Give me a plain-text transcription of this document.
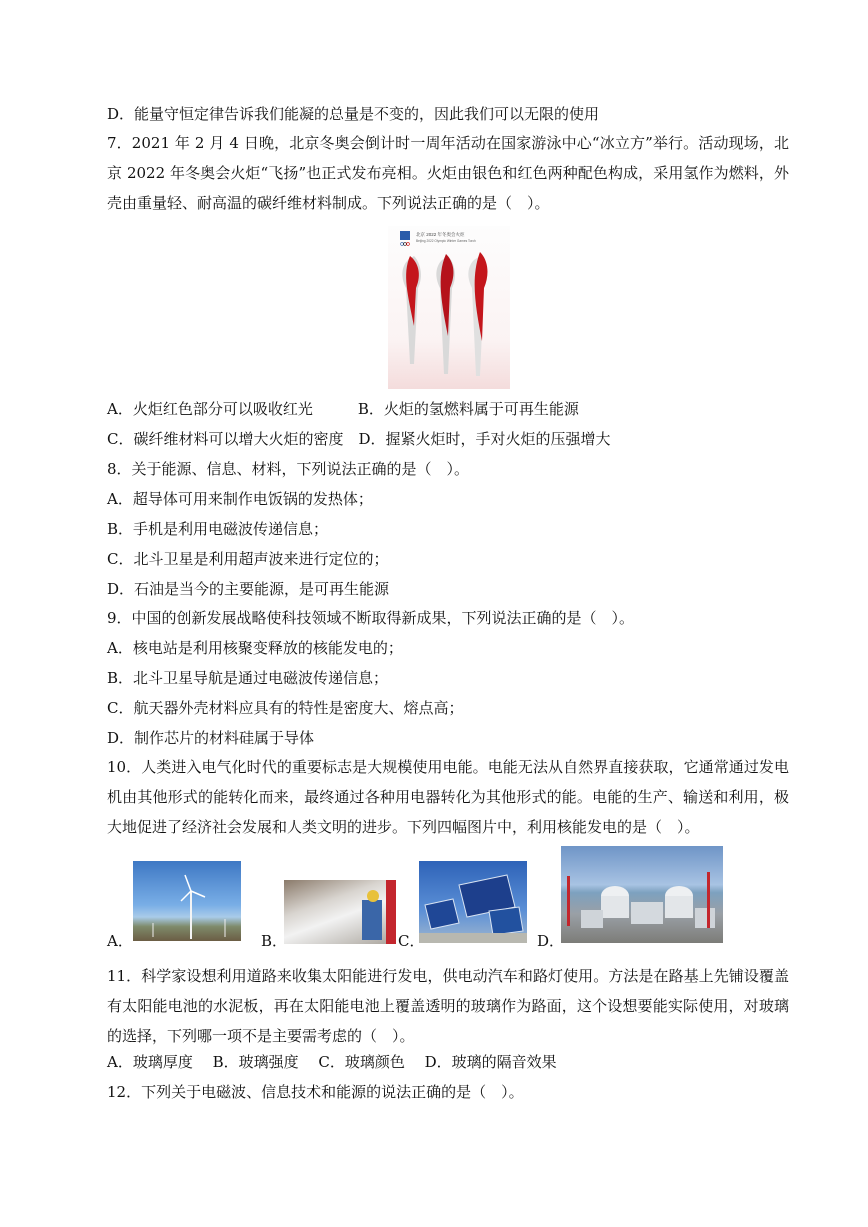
D．能量守恒定律告诉我们能凝的总量是不变的，因此我们可以无限的使用
7．2021 年 2 月 4 日晚，北京冬奥会倒计时一周年活动在国家游泳中心“冰立方”举行。活动现场，北京 2022 年冬奥会火炬“飞扬”也正式发布亮相。火炬由银色和红色两种配色构成，采用氢作为燃料，外壳由重量轻、耐高温的碳纤维材料制成。下列说法正确的是（　）。
北京 2022 年冬奥会火炬
Beijing 2022 Olympic Winter Games Torch
A．火炬红色部分可以吸收红光　　　B．火炬的氢燃料属于可再生能源
C．碳纤维材料可以增大火炬的密度　D．握紧火炬时，手对火炬的压强增大
8．关于能源、信息、材料，下列说法正确的是（　）。
A．超导体可用来制作电饭锅的发热体；
B．手机是利用电磁波传递信息；
C．北斗卫星是利用超声波来进行定位的；
D．石油是当今的主要能源，是可再生能源
9．中国的创新发展战略使科技领域不断取得新成果，下列说法正确的是（　）。
A．核电站是利用核聚变释放的核能发电的；
B．北斗卫星导航是通过电磁波传递信息；
C．航天器外壳材料应具有的特性是密度大、熔点高；
D．制作芯片的材料硅属于导体
10．人类进入电气化时代的重要标志是大规模使用电能。电能无法从自然界直接获取，它通常通过发电机由其他形式的能转化而来，最终通过各种用电器转化为其他形式的能。电能的生产、输送和利用，极大地促进了经济社会发展和人类文明的进步。下列四幅图片中，利用核能发电的是（　）。
A．	B．	C．	D．
11．科学家设想利用道路来收集太阳能进行发电，供电动汽车和路灯使用。方法是在路基上先铺设覆盖有太阳能电池的水泥板，再在太阳能电池上覆盖透明的玻璃作为路面，这个设想要能实际使用，对玻璃的选择，下列哪一项不是主要需考虑的（　）。
A．玻璃厚度　 B．玻璃强度　 C．玻璃颜色　 D．玻璃的隔音效果
12．下列关于电磁波、信息技术和能源的说法正确的是（　）。
